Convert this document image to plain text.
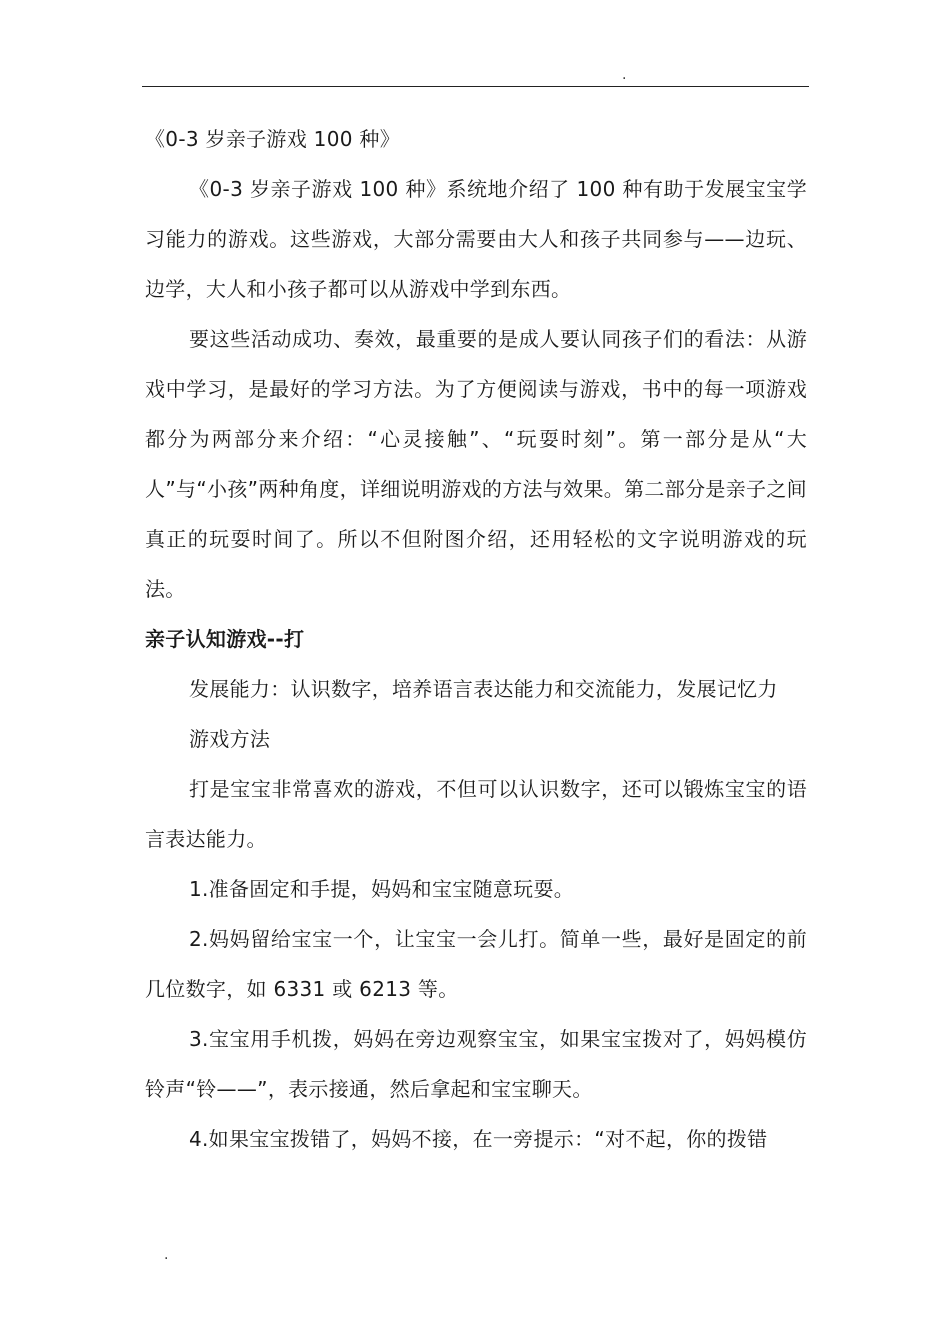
.

《0-3 岁亲子游戏 100 种》

《0-3 岁亲子游戏 100 种》系统地介绍了 100 种有助于发展宝宝学习能力的游戏。这些游戏，大部分需要由大人和孩子共同参与——边玩、边学，大人和小孩子都可以从游戏中学到东西。

要这些活动成功、奏效，最重要的是成人要认同孩子们的看法：从游戏中学习，是最好的学习方法。为了方便阅读与游戏，书中的每一项游戏都分为两部分来介绍：“心灵接触”、“玩耍时刻”。第一部分是从“大人”与“小孩”两种角度，详细说明游戏的方法与效果。第二部分是亲子之间真正的玩耍时间了。所以不但附图介绍，还用轻松的文字说明游戏的玩法。

亲子认知游戏--打

发展能力：认识数字，培养语言表达能力和交流能力，发展记忆力

游戏方法

打是宝宝非常喜欢的游戏，不但可以认识数字，还可以锻炼宝宝的语言表达能力。

1.准备固定和手提，妈妈和宝宝随意玩耍。

2.妈妈留给宝宝一个，让宝宝一会儿打。简单一些，最好是固定的前几位数字，如 6331 或 6213 等。

3.宝宝用手机拨，妈妈在旁边观察宝宝，如果宝宝拨对了，妈妈模仿铃声“铃——”，表示接通，然后拿起和宝宝聊天。

4.如果宝宝拨错了，妈妈不接，在一旁提示：“对不起，你的拨错

.
